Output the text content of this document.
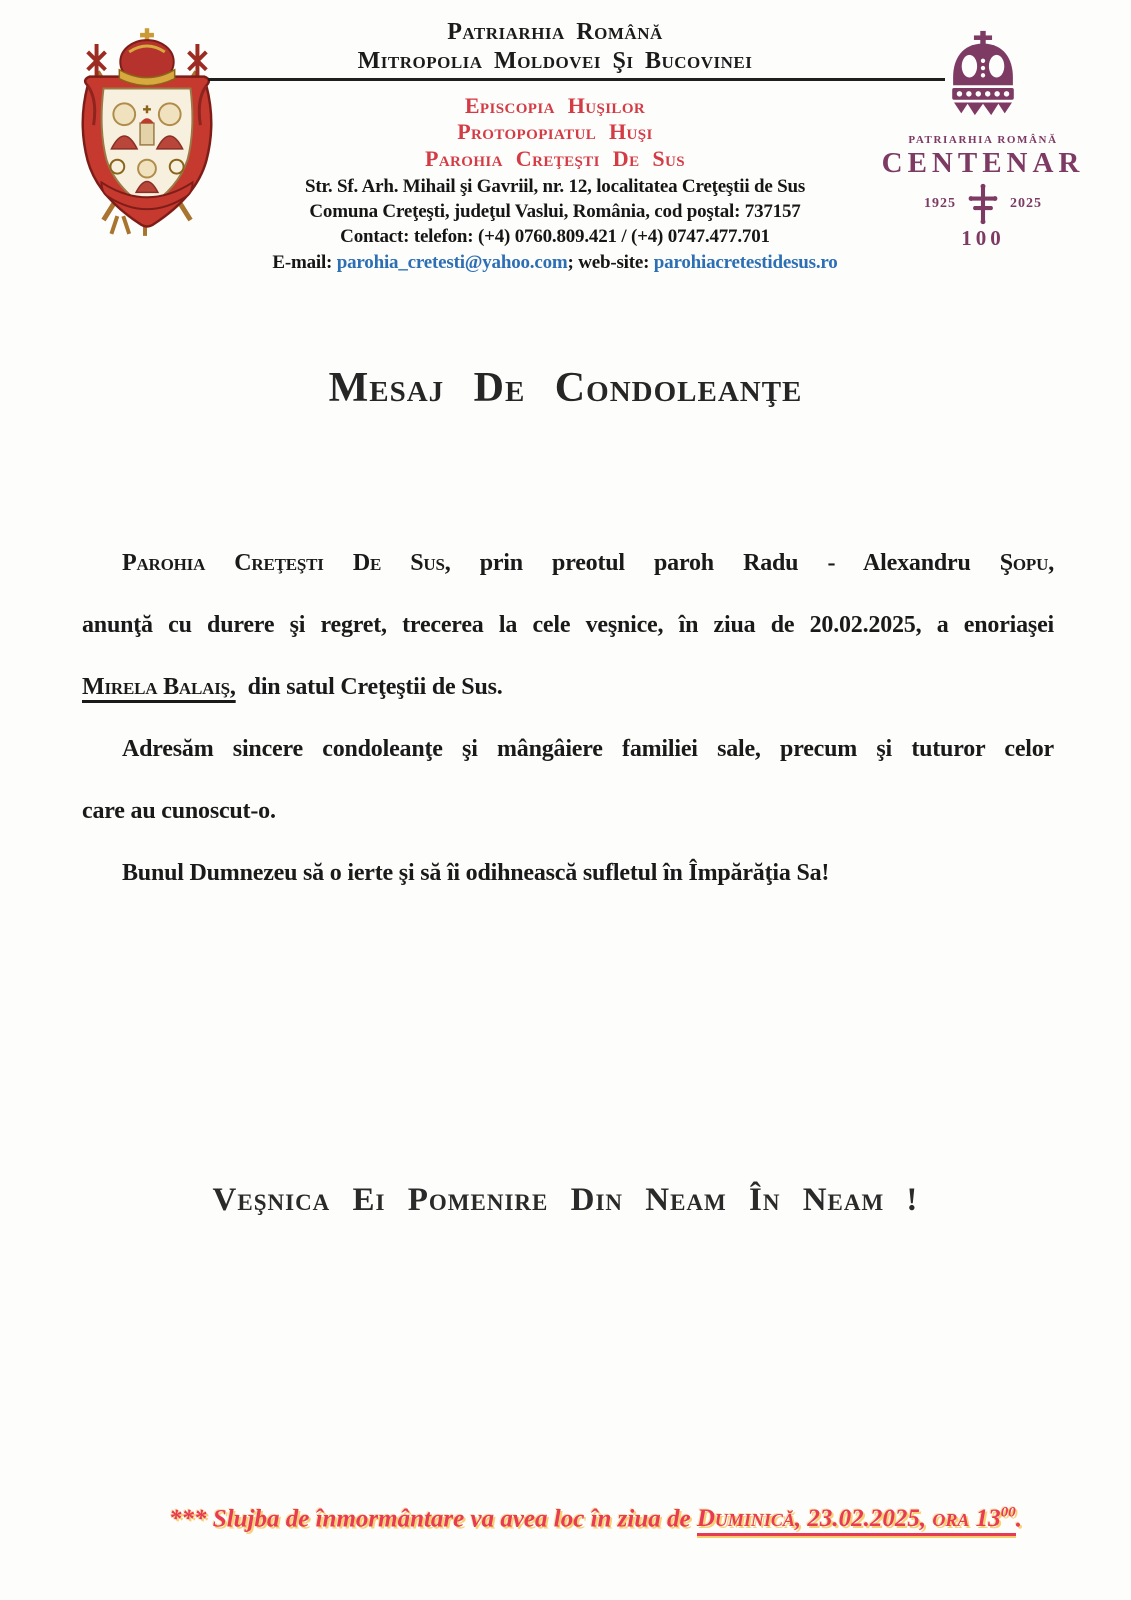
Patriarhia Română
Mitropolia Moldovei Şi Bucovinei
Episcopia Huşilor
Protopopiatul Huşi
Parohia Creţeşti De Sus
Str. Sf. Arh. Mihail şi Gavriil, nr. 12, localitatea Creţeştii de Sus
Comuna Creţeşti, judeţul Vaslui, România, cod poştal: 737157
Contact: telefon: (+4) 0760.809.421 / (+4) 0747.477.701
E-mail: parohia_cretesti@yahoo.com; web-site: parohiacretestidesus.ro
PATRIARHIA ROMÂNĂ
CENTENAR
1925	2025
100
Mesaj De Condoleanţe
Parohia Creţeşti De Sus, prin preotul paroh Radu - Alexandru Şopu,
anunţă cu durere şi regret, trecerea la cele veşnice, în ziua de 20.02.2025, a enoriaşei
Mirela Balaiş, din satul Creţeştii de Sus.
Adresăm sincere condoleanţe şi mângâiere familiei sale, precum şi tuturor celor
care au cunoscut-o.
Bunul Dumnezeu să o ierte şi să îi odihnească sufletul în Împărăţia Sa!
Veşnica Ei Pomenire Din Neam În Neam !
*** Slujba de înmormântare va avea loc în ziua de Duminică, 23.02.2025, ora $13^{00}$.
